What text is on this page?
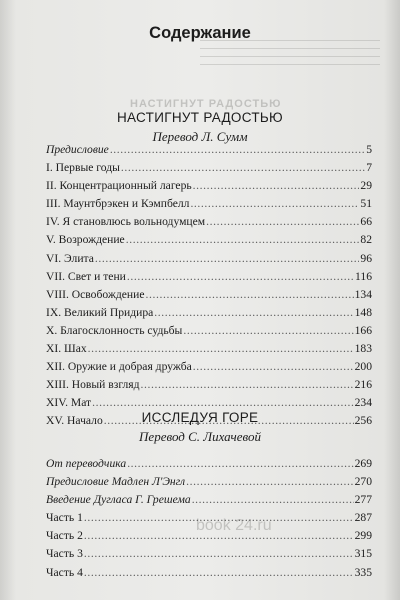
НАСТИГНУТ РАДОСТЬЮ
book 24.ru
Содержание
НАСТИГНУТ РАДОСТЬЮ
Перевод Л. Сумм
Предисловие .....	5
I. Первые годы .....	7
II. Концентрационный лагерь .....	29
III. Маунтбрэкен и Кэмпбелл .....	51
IV. Я становлюсь вольнодумцем .....	66
V. Возрождение .....	82
VI. Элита .....	96
VII. Свет и тени .....	116
VIII. Освобождение .....	134
IX. Великий Придира .....	148
X. Благосклонность судьбы .....	166
XI. Шах .....	183
XII. Оружие и добрая дружба .....	200
XIII. Новый взгляд .....	216
XIV. Мат .....	234
XV. Начало .....	256
ИССЛЕДУЯ ГОРЕ
Перевод С. Лихачевой
От переводчика .....	269
Предисловие Мадлен Л'Энгл .....	270
Введение Дугласа Г. Грешема .....	277
Часть 1 .....	287
Часть 2 .....	299
Часть 3 .....	315
Часть 4 .....	335
